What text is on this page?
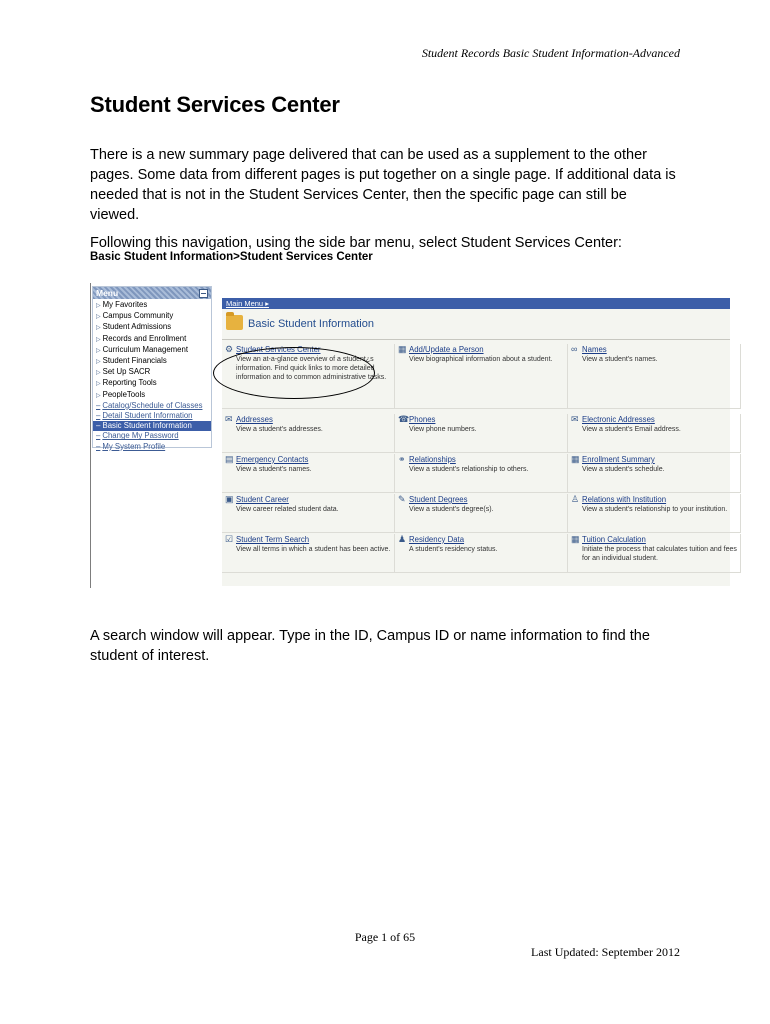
Student Records Basic Student Information-Advanced
Student Services Center

There is a new summary page delivered that can be used as a supplement to the other pages. Some data from different pages is put together on a single page. If additional data is needed that is not in the Student Services Center, then the specific page can still be viewed.

Following this navigation, using the side bar menu, select Student Services Center:

Basic Student Information>Student Services Center
Menu
▷ My Favorites
▷ Campus Community
▷ Student Admissions
▷ Records and Enrollment
▷ Curriculum Management
▷ Student Financials
▷ Set Up SACR
▷ Reporting Tools
▷ PeopleTools
– Catalog/Schedule of Classes
– Detail Student Information
– Basic Student Information
– Change My Password
– My System Profile
Main Menu ▸
Basic Student Information
⚙ Student Services Center
View an at-a-glance overview of a student¿s information. Find quick links to more detailed information and to common administrative tasks.
▦ Add/Update a Person
View biographical information about a student.
∞ Names
View a student's names.
✉ Addresses
View a student's addresses.
☎ Phones
View phone numbers.
✉ Electronic Addresses
View a student's Email address.
▤ Emergency Contacts
View a student's names.
⚭ Relationships
View a student's relationship to others.
▦ Enrollment Summary
View a student's schedule.
▣ Student Career
View career related student data.
✎ Student Degrees
View a student's degree(s).
♙ Relations with Institution
View a student's relationship to your institution.
☑ Student Term Search
View all terms in which a student has been active.
♟ Residency Data
A student's residency status.
▦ Tuition Calculation
Initiate the process that calculates tuition and fees for an individual student.

A search window will appear. Type in the ID, Campus ID or name information to find the student of interest.

Page 1 of 65
Last Updated: September 2012
